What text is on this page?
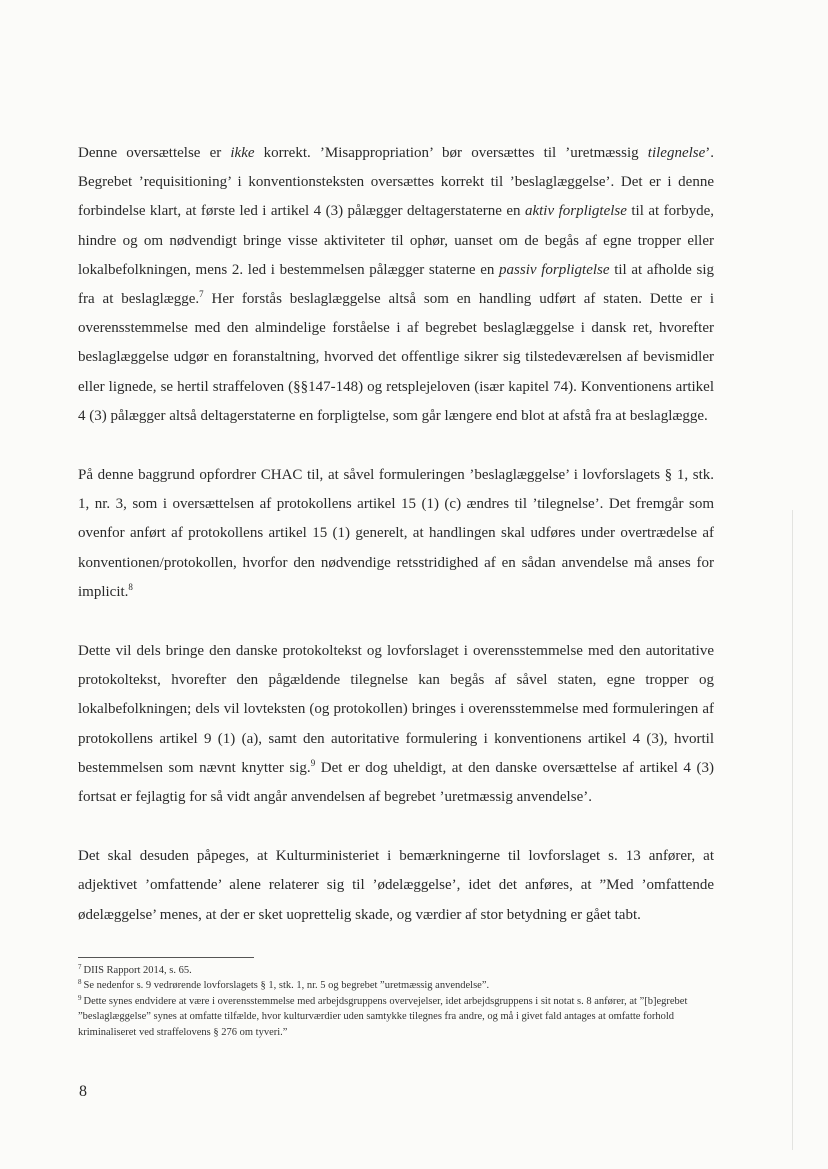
Denne oversættelse er ikke korrekt. ’Misappropriation’ bør oversættes til ’uretmæssig tilegnelse’. Begrebet ’requisitioning’ i konventionsteksten oversættes korrekt til ’beslaglæggelse’. Det er i denne forbindelse klart, at første led i artikel 4 (3) pålægger deltagerstaterne en aktiv forpligtelse til at forbyde, hindre og om nødvendigt bringe visse aktiviteter til ophør, uanset om de begås af egne tropper eller lokalbefolkningen, mens 2. led i bestemmelsen pålægger staterne en passiv forpligtelse til at afholde sig fra at beslaglægge.$^7$ Her forstås beslaglæggelse altså som en handling udført af staten. Dette er i overensstemmelse med den almindelige forståelse i af begrebet beslaglæggelse i dansk ret, hvorefter beslaglæggelse udgør en foranstaltning, hvorved det offentlige sikrer sig tilstedeværelsen af bevismidler eller lignede, se hertil straffeloven (§§147-148) og retsplejeloven (især kapitel 74). Konventionens artikel 4 (3) pålægger altså deltagerstaterne en forpligtelse, som går længere end blot at afstå fra at beslaglægge.

På denne baggrund opfordrer CHAC til, at såvel formuleringen ’beslaglæggelse’ i lovforslagets § 1, stk. 1, nr. 3, som i oversættelsen af protokollens artikel 15 (1) (c) ændres til ’tilegnelse’. Det fremgår som ovenfor anført af protokollens artikel 15 (1) generelt, at handlingen skal udføres under overtrædelse af konventionen/protokollen, hvorfor den nødvendige retsstridighed af en sådan anvendelse må anses for implicit.$^8$

Dette vil dels bringe den danske protokoltekst og lovforslaget i overensstemmelse med den autoritative protokoltekst, hvorefter den pågældende tilegnelse kan begås af såvel staten, egne tropper og lokalbefolkningen; dels vil lovteksten (og protokollen) bringes i overensstemmelse med formuleringen af protokollens artikel 9 (1) (a), samt den autoritative formulering i konventionens artikel 4 (3), hvortil bestemmelsen som nævnt knytter sig.$^9$ Det er dog uheldigt, at den danske oversættelse af artikel 4 (3) fortsat er fejlagtig for så vidt angår anvendelsen af begrebet ’uretmæssig anvendelse’.

Det skal desuden påpeges, at Kulturministeriet i bemærkningerne til lovforslaget s. 13 anfører, at adjektivet ’omfattende’ alene relaterer sig til ’ødelæggelse’, idet det anføres, at ”Med ’omfattende ødelæggelse’ menes, at der er sket uoprettelig skade, og værdier af stor betydning er gået tabt.

$^7$ DIIS Rapport 2014, s. 65.

$^8$ Se nedenfor s. 9 vedrørende lovforslagets § 1, stk. 1, nr. 5 og begrebet ”uretmæssig anvendelse”.

$^9$ Dette synes endvidere at være i overensstemmelse med arbejdsgruppens overvejelser, idet arbejdsgruppens i sit notat s. 8 anfører, at ”[b]egrebet ”beslaglæggelse” synes at omfatte tilfælde, hvor kulturværdier uden samtykke tilegnes fra andre, og må i givet fald antages at omfatte forhold kriminaliseret ved straffelovens § 276 om tyveri.”

8
